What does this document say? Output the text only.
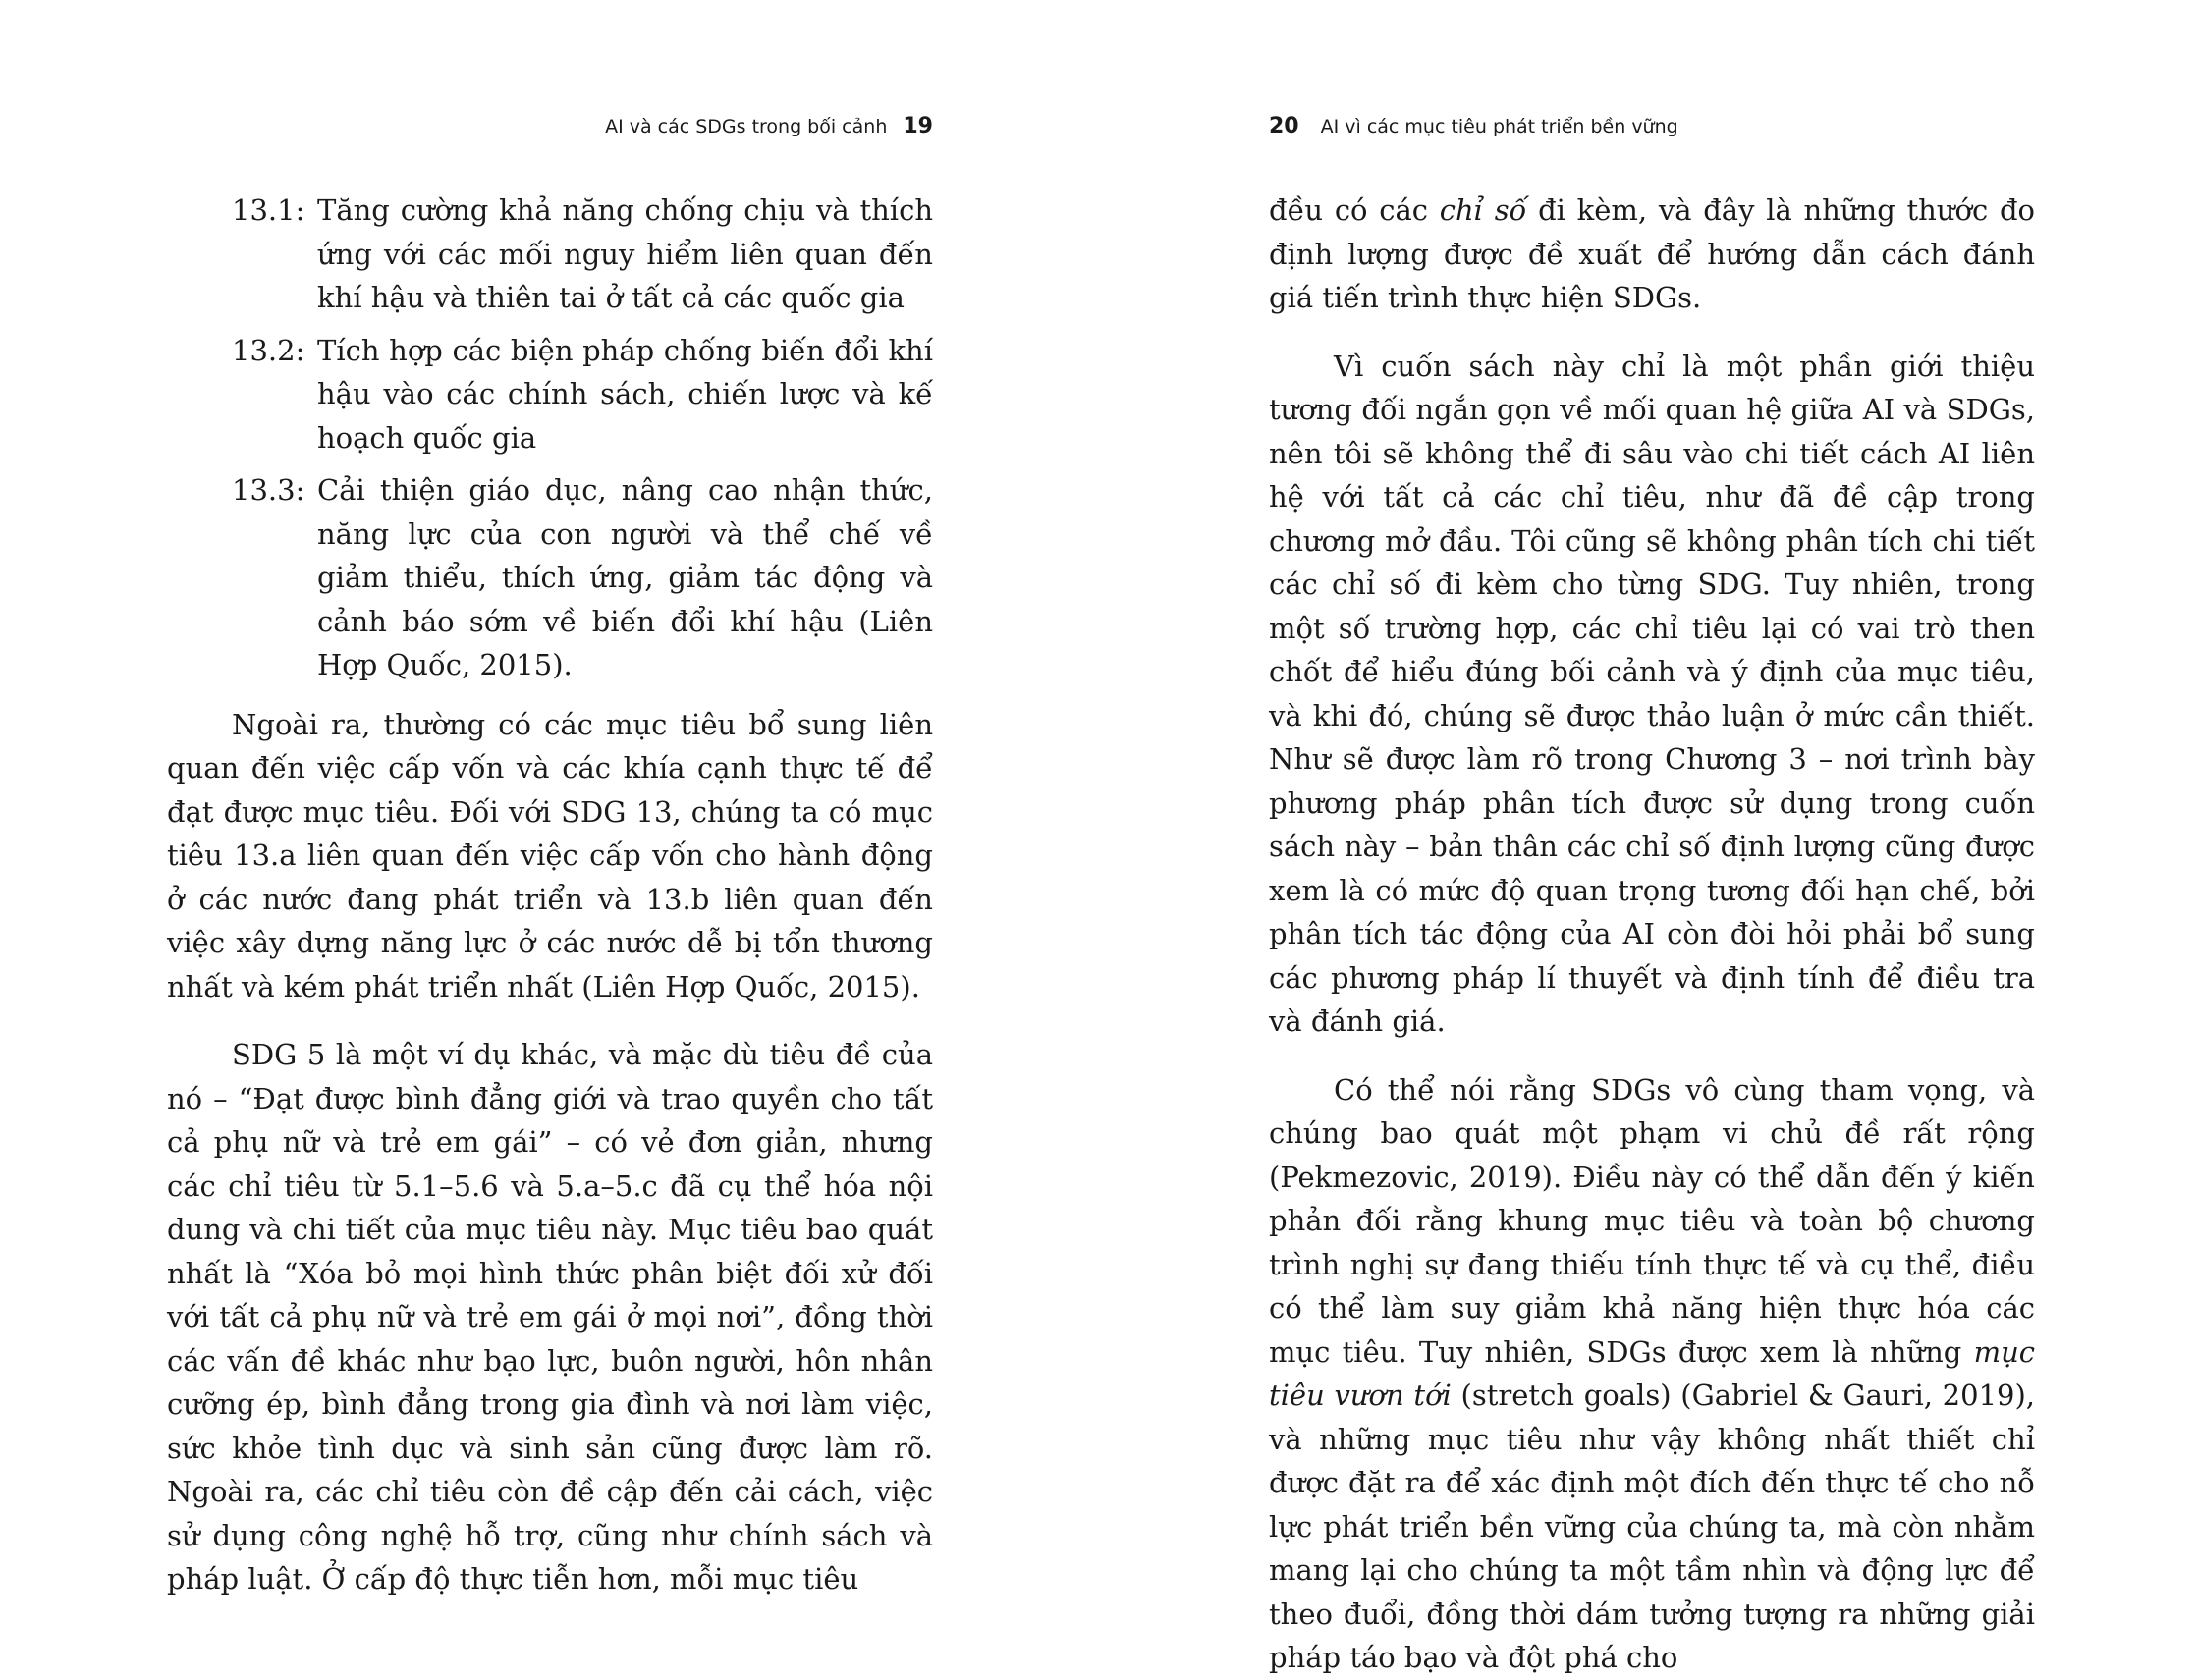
AI và các SDGs trong bối cảnh 19
13.1: Tăng cường khả năng chống chịu và thích ứng với các mối nguy hiểm liên quan đến khí hậu và thiên tai ở tất cả các quốc gia
13.2: Tích hợp các biện pháp chống biến đổi khí hậu vào các chính sách, chiến lược và kế hoạch quốc gia
13.3: Cải thiện giáo dục, nâng cao nhận thức, năng lực của con người và thể chế về giảm thiểu, thích ứng, giảm tác động và cảnh báo sớm về biến đổi khí hậu (Liên Hợp Quốc, 2015).

Ngoài ra, thường có các mục tiêu bổ sung liên quan đến việc cấp vốn và các khía cạnh thực tế để đạt được mục tiêu. Đối với SDG 13, chúng ta có mục tiêu 13.a liên quan đến việc cấp vốn cho hành động ở các nước đang phát triển và 13.b liên quan đến việc xây dựng năng lực ở các nước dễ bị tổn thương nhất và kém phát triển nhất (Liên Hợp Quốc, 2015).

SDG 5 là một ví dụ khác, và mặc dù tiêu đề của nó – “Đạt được bình đẳng giới và trao quyền cho tất cả phụ nữ và trẻ em gái” – có vẻ đơn giản, nhưng các chỉ tiêu từ 5.1–5.6 và 5.a–5.c đã cụ thể hóa nội dung và chi tiết của mục tiêu này. Mục tiêu bao quát nhất là “Xóa bỏ mọi hình thức phân biệt đối xử đối với tất cả phụ nữ và trẻ em gái ở mọi nơi”, đồng thời các vấn đề khác như bạo lực, buôn người, hôn nhân cưỡng ép, bình đẳng trong gia đình và nơi làm việc, sức khỏe tình dục và sinh sản cũng được làm rõ. Ngoài ra, các chỉ tiêu còn đề cập đến cải cách, việc sử dụng công nghệ hỗ trợ, cũng như chính sách và pháp luật. Ở cấp độ thực tiễn hơn, mỗi mục tiêu

20 AI vì các mục tiêu phát triển bền vững

đều có các chỉ số đi kèm, và đây là những thước đo định lượng được đề xuất để hướng dẫn cách đánh giá tiến trình thực hiện SDGs.

Vì cuốn sách này chỉ là một phần giới thiệu tương đối ngắn gọn về mối quan hệ giữa AI và SDGs, nên tôi sẽ không thể đi sâu vào chi tiết cách AI liên hệ với tất cả các chỉ tiêu, như đã đề cập trong chương mở đầu. Tôi cũng sẽ không phân tích chi tiết các chỉ số đi kèm cho từng SDG. Tuy nhiên, trong một số trường hợp, các chỉ tiêu lại có vai trò then chốt để hiểu đúng bối cảnh và ý định của mục tiêu, và khi đó, chúng sẽ được thảo luận ở mức cần thiết. Như sẽ được làm rõ trong Chương 3 – nơi trình bày phương pháp phân tích được sử dụng trong cuốn sách này – bản thân các chỉ số định lượng cũng được xem là có mức độ quan trọng tương đối hạn chế, bởi phân tích tác động của AI còn đòi hỏi phải bổ sung các phương pháp lí thuyết và định tính để điều tra và đánh giá.

Có thể nói rằng SDGs vô cùng tham vọng, và chúng bao quát một phạm vi chủ đề rất rộng (Pekmezovic, 2019). Điều này có thể dẫn đến ý kiến phản đối rằng khung mục tiêu và toàn bộ chương trình nghị sự đang thiếu tính thực tế và cụ thể, điều có thể làm suy giảm khả năng hiện thực hóa các mục tiêu. Tuy nhiên, SDGs được xem là những mục tiêu vươn tới (stretch goals) (Gabriel & Gauri, 2019), và những mục tiêu như vậy không nhất thiết chỉ được đặt ra để xác định một đích đến thực tế cho nỗ lực phát triển bền vững của chúng ta, mà còn nhằm mang lại cho chúng ta một tầm nhìn và động lực để theo đuổi, đồng thời dám tưởng tượng ra những giải pháp táo bạo và đột phá cho
